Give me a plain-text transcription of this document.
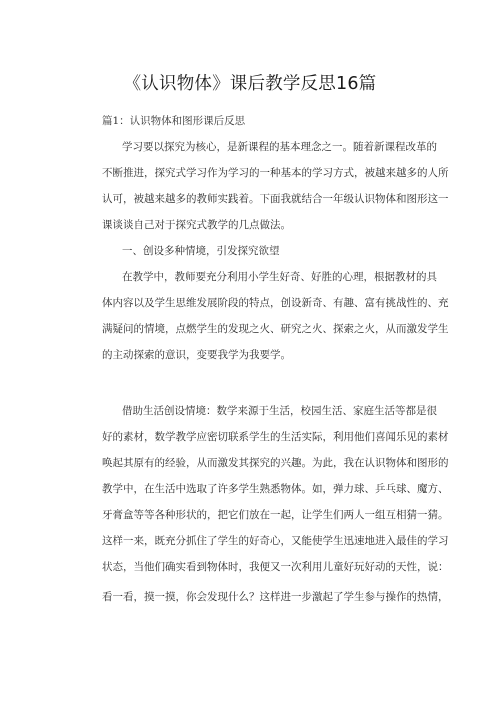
《认识物体》课后教学反思16篇
篇1：认识物体和图形课后反思
学习要以探究为核心，是新课程的基本理念之一。随着新课程改革的
不断推进，探究式学习作为学习的一种基本的学习方式，被越来越多的人所
认可，被越来越多的教师实践着。下面我就结合一年级认识物体和图形这一
课谈谈自己对于探究式教学的几点做法。
一、创设多种情境，引发探究欲望
在教学中，教师要充分利用小学生好奇、好胜的心理，根据教材的具
体内容以及学生思维发展阶段的特点，创设新奇、有趣、富有挑战性的、充
满疑问的情境，点燃学生的发现之火、研究之火、探索之火，从而激发学生
的主动探索的意识，变要我学为我要学。
借助生活创设情境：数学来源于生活，校园生活、家庭生活等都是很
好的素材，数学教学应密切联系学生的生活实际，利用他们喜闻乐见的素材
唤起其原有的经验，从而激发其探究的兴趣。为此，我在认识物体和图形的
教学中，在生活中选取了许多学生熟悉物体。如，弹力球、乒乓球、魔方、
牙膏盒等等各种形状的，把它们放在一起，让学生们两人一组互相猜一猜。
这样一来，既充分抓住了学生的好奇心，又能使学生迅速地进入最佳的学习
状态，当他们确实看到物体时，我便又一次利用儿童好玩好动的天性，说：
看一看，摸一摸，你会发现什么？这样进一步激起了学生参与操作的热情，
